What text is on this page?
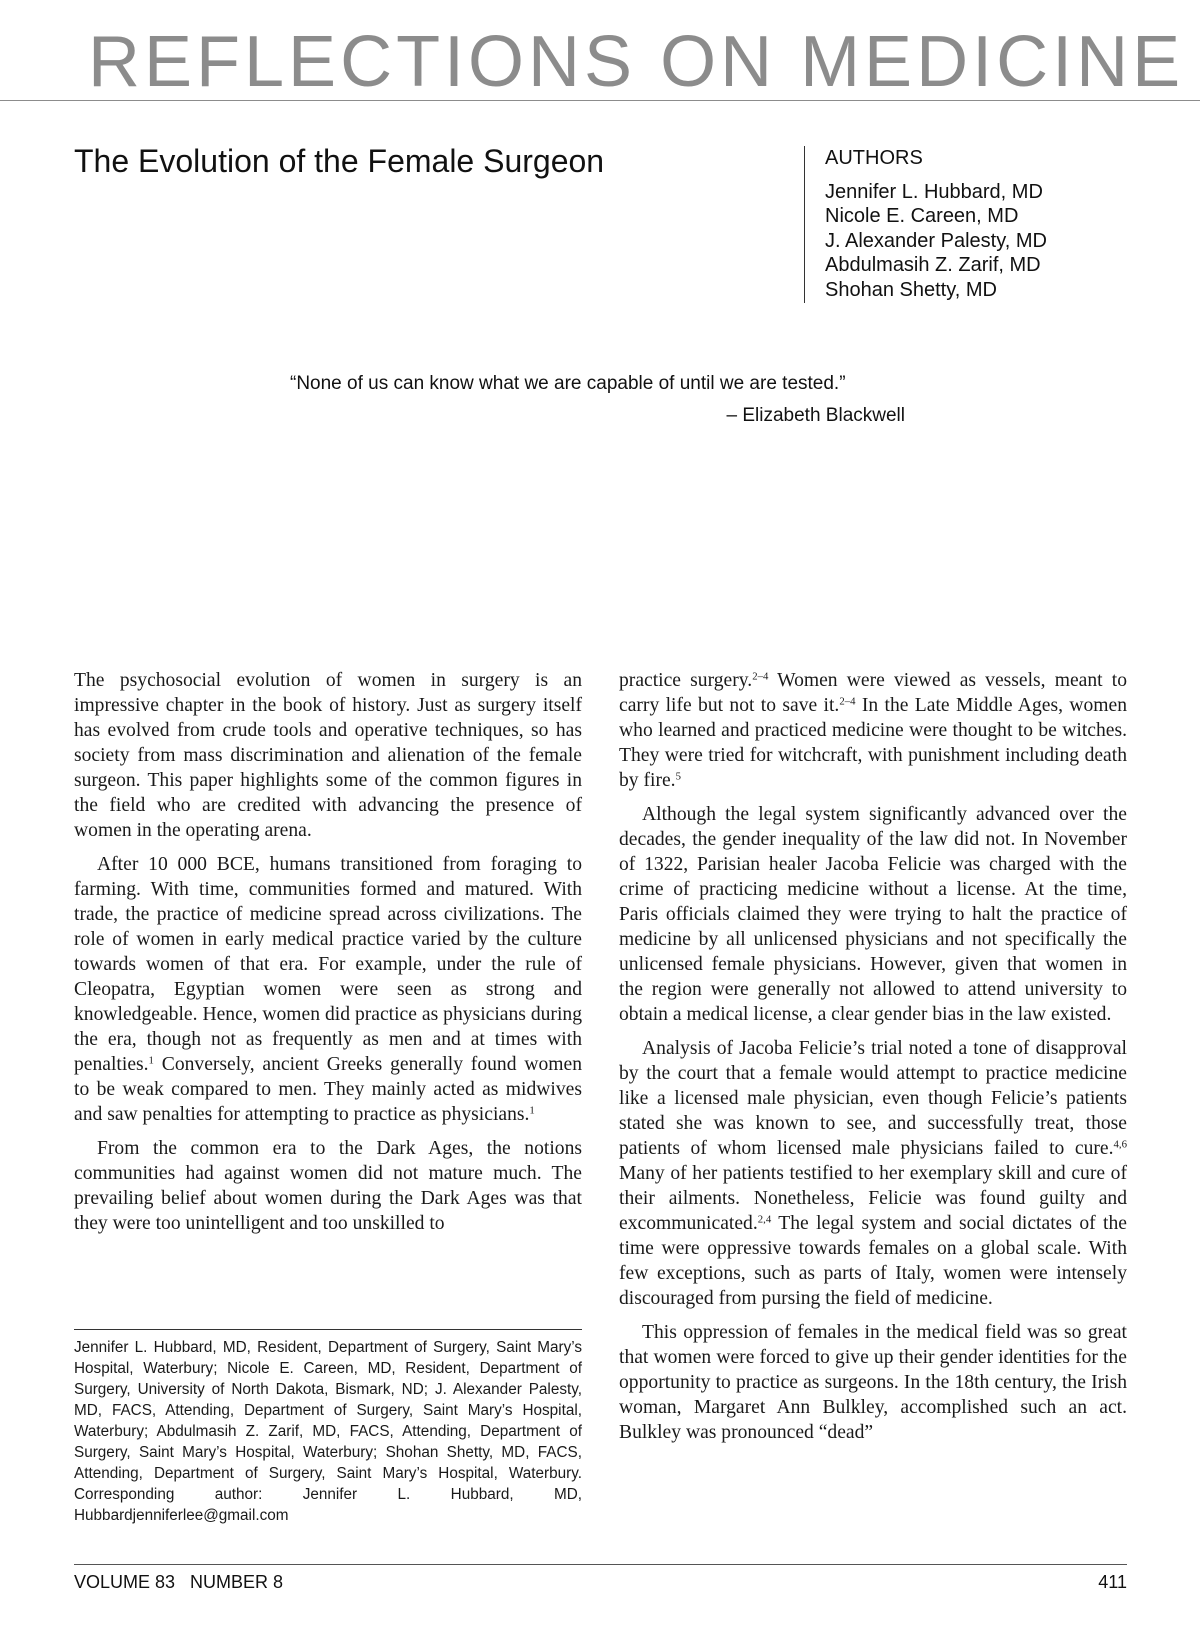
REFLECTIONS ON MEDICINE
The Evolution of the Female Surgeon	AUTHORS
Jennifer L. Hubbard, MD
Nicole E. Careen, MD
J. Alexander Palesty, MD
Abdulmasih Z. Zarif, MD
Shohan Shetty, MD
“None of us can know what we are capable of until we are tested.”
– Elizabeth Blackwell

The psychosocial evolution of women in surgery is an impressive chapter in the book of history. Just as surgery itself has evolved from crude tools and operative techniques, so has society from mass discrimination and alienation of the female surgeon. This paper highlights some of the common figures in the field who are credited with advancing the presence of women in the operating arena.

After 10 000 BCE, humans transitioned from foraging to farming. With time, communities formed and matured. With trade, the practice of medicine spread across civilizations. The role of women in early medical practice varied by the culture towards women of that era. For example, under the rule of Cleopatra, Egyptian women were seen as strong and knowledgeable. Hence, women did practice as physicians during the era, though not as frequently as men and at times with penalties.$^1$ Conversely, ancient Greeks generally found women to be weak compared to men. They mainly acted as midwives and saw penalties for attempting to practice as physicians.$^1$

From the common era to the Dark Ages, the notions communities had against women did not mature much. The prevailing belief about women during the Dark Ages was that they were too unintelligent and too unskilled to

practice surgery.$^{2-4}$ Women were viewed as vessels, meant to carry life but not to save it.$^{2-4}$ In the Late Middle Ages, women who learned and practiced medicine were thought to be witches. They were tried for witchcraft, with punishment including death by fire.$^5$

Although the legal system significantly advanced over the decades, the gender inequality of the law did not. In November of 1322, Parisian healer Jacoba Felicie was charged with the crime of practicing medicine without a license. At the time, Paris officials claimed they were trying to halt the practice of medicine by all unlicensed physicians and not specifically the unlicensed female physicians. However, given that women in the region were generally not allowed to attend university to obtain a medical license, a clear gender bias in the law existed.

Analysis of Jacoba Felicie’s trial noted a tone of disapproval by the court that a female would attempt to practice medicine like a licensed male physician, even though Felicie’s patients stated she was known to see, and successfully treat, those patients of whom licensed male physicians failed to cure.$^{4,6}$ Many of her patients testified to her exemplary skill and cure of their ailments. Nonetheless, Felicie was found guilty and excommunicated.$^{2,4}$ The legal system and social dictates of the time were oppressive towards females on a global scale. With few exceptions, such as parts of Italy, women were intensely discouraged from pursing the field of medicine.

This oppression of females in the medical field was so great that women were forced to give up their gender identities for the opportunity to practice as surgeons. In the 18th century, the Irish woman, Margaret Ann Bulkley, accomplished such an act. Bulkley was pronounced “dead”

Jennifer L. Hubbard, MD, Resident, Department of Surgery, Saint Mary’s Hospital, Waterbury; Nicole E. Careen, MD, Resident, Department of Surgery, University of North Dakota, Bismark, ND; J. Alexander Palesty, MD, FACS, Attending, Department of Surgery, Saint Mary’s Hospital, Waterbury; Abdulmasih Z. Zarif, MD, FACS, Attending, Department of Surgery, Saint Mary’s Hospital, Waterbury; Shohan Shetty, MD, FACS, Attending, Department of Surgery, Saint Mary’s Hospital, Waterbury. Corresponding author: Jennifer L. Hubbard, MD, Hubbardjenniferlee@gmail.com
VOLUME 83   NUMBER 8	411
